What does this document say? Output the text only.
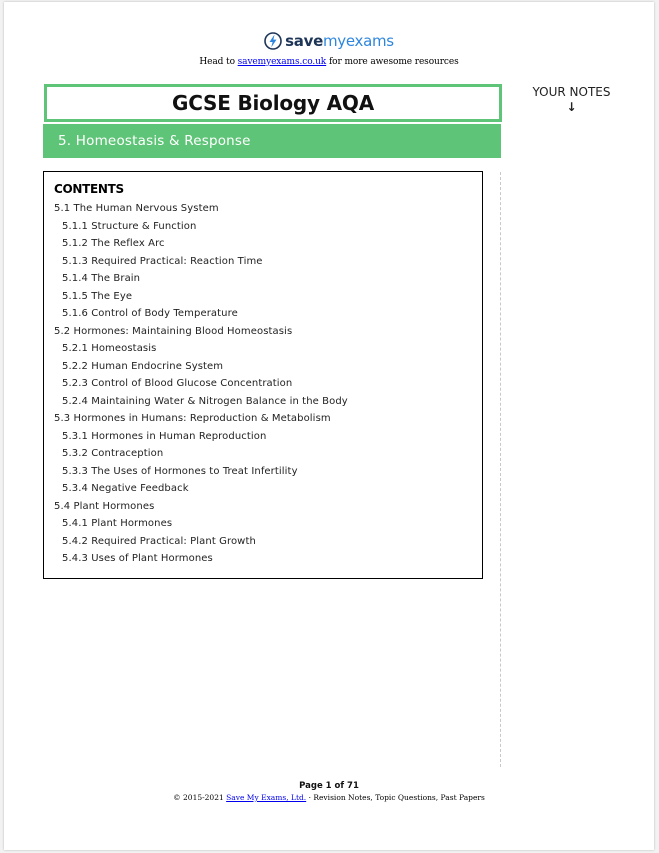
savemyexams
Head to savemyexams.co.uk for more awesome resources
GCSE Biology AQA
5. Homeostasis & Response
YOUR NOTES
↓
CONTENTS
5.1 The Human Nervous System
5.1.1 Structure & Function
5.1.2 The Reflex Arc
5.1.3 Required Practical: Reaction Time
5.1.4 The Brain
5.1.5 The Eye
5.1.6 Control of Body Temperature
5.2 Hormones: Maintaining Blood Homeostasis
5.2.1 Homeostasis
5.2.2 Human Endocrine System
5.2.3 Control of Blood Glucose Concentration
5.2.4 Maintaining Water & Nitrogen Balance in the Body
5.3 Hormones in Humans: Reproduction & Metabolism
5.3.1 Hormones in Human Reproduction
5.3.2 Contraception
5.3.3 The Uses of Hormones to Treat Infertility
5.3.4 Negative Feedback
5.4 Plant Hormones
5.4.1 Plant Hormones
5.4.2 Required Practical: Plant Growth
5.4.3 Uses of Plant Hormones
Page 1 of 71
© 2015-2021 Save My Exams, Ltd. · Revision Notes, Topic Questions, Past Papers
